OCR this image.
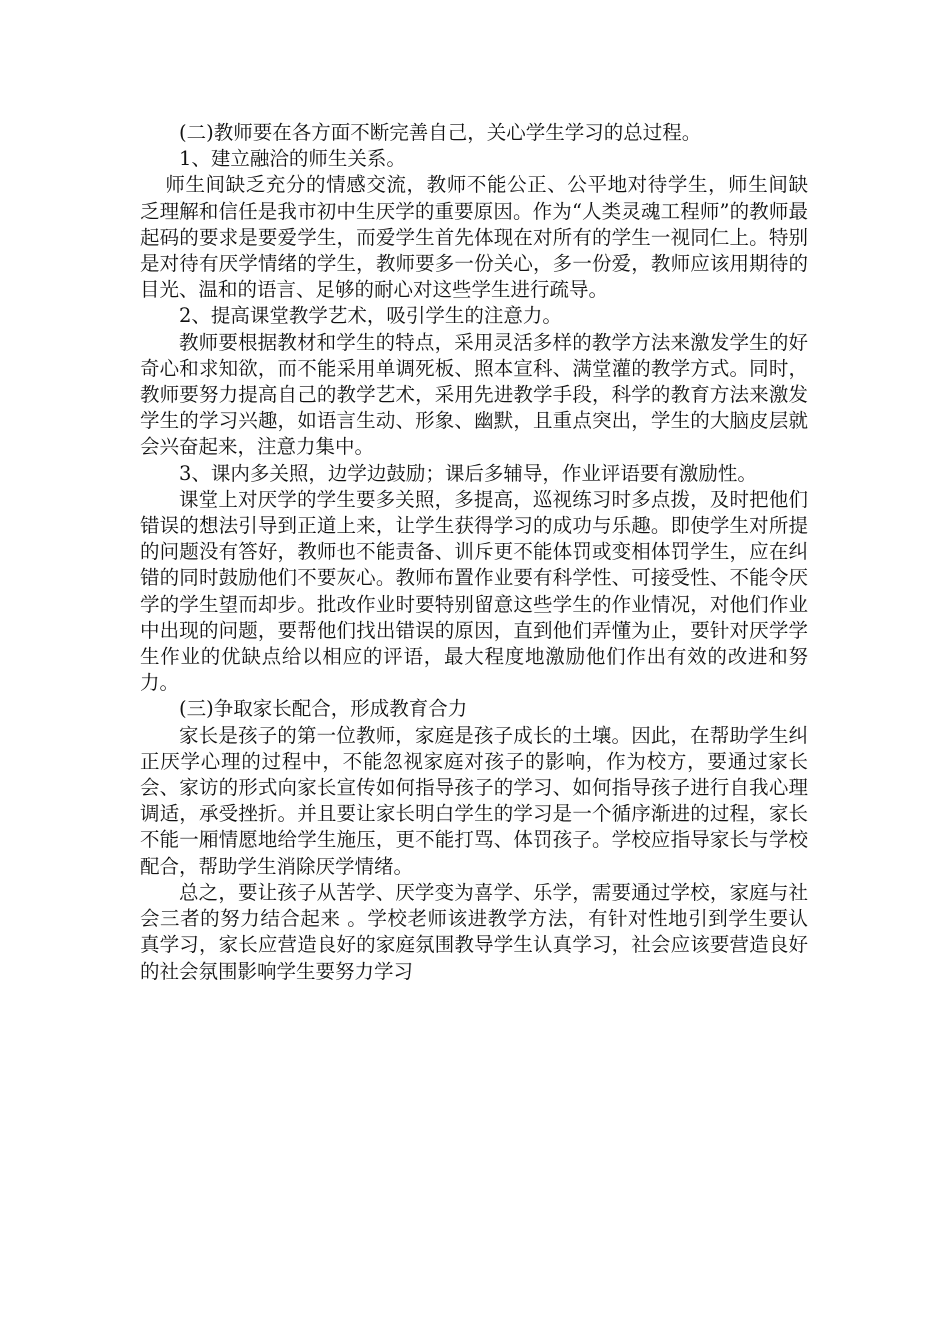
(二)教师要在各方面不断完善自己，关心学生学习的总过程。

1、建立融洽的师生关系。

师生间缺乏充分的情感交流，教师不能公正、公平地对待学生，师生间缺乏理解和信任是我市初中生厌学的重要原因。作为“人类灵魂工程师”的教师最起码的要求是要爱学生，而爱学生首先体现在对所有的学生一视同仁上。特别是对待有厌学情绪的学生，教师要多一份关心，多一份爱，教师应该用期待的目光、温和的语言、足够的耐心对这些学生进行疏导。

2、提高课堂教学艺术，吸引学生的注意力。

教师要根据教材和学生的特点，采用灵活多样的教学方法来激发学生的好奇心和求知欲，而不能采用单调死板、照本宣科、满堂灌的教学方式。同时，教师要努力提高自己的教学艺术，采用先进教学手段，科学的教育方法来激发学生的学习兴趣，如语言生动、形象、幽默，且重点突出，学生的大脑皮层就会兴奋起来，注意力集中。

3、课内多关照，边学边鼓励；课后多辅导，作业评语要有激励性。

课堂上对厌学的学生要多关照，多提高，巡视练习时多点拨，及时把他们错误的想法引导到正道上来，让学生获得学习的成功与乐趣。即使学生对所提的问题没有答好，教师也不能责备、训斥更不能体罚或变相体罚学生，应在纠错的同时鼓励他们不要灰心。教师布置作业要有科学性、可接受性、不能令厌学的学生望而却步。批改作业时要特别留意这些学生的作业情况，对他们作业中出现的问题，要帮他们找出错误的原因，直到他们弄懂为止，要针对厌学学生作业的优缺点给以相应的评语，最大程度地激励他们作出有效的改进和努力。

(三)争取家长配合，形成教育合力

家长是孩子的第一位教师，家庭是孩子成长的土壤。因此，在帮助学生纠正厌学心理的过程中，不能忽视家庭对孩子的影响，作为校方，要通过家长会、家访的形式向家长宣传如何指导孩子的学习、如何指导孩子进行自我心理调适，承受挫折。并且要让家长明白学生的学习是一个循序渐进的过程，家长不能一厢情愿地给学生施压，更不能打骂、体罚孩子。学校应指导家长与学校配合，帮助学生消除厌学情绪。

总之，要让孩子从苦学、厌学变为喜学、乐学，需要通过学校，家庭与社会三者的努力结合起来 。学校老师该进教学方法，有针对性地引到学生要认真学习，家长应营造良好的家庭氛围教导学生认真学习，社会应该要营造良好的社会氛围影响学生要努力学习
